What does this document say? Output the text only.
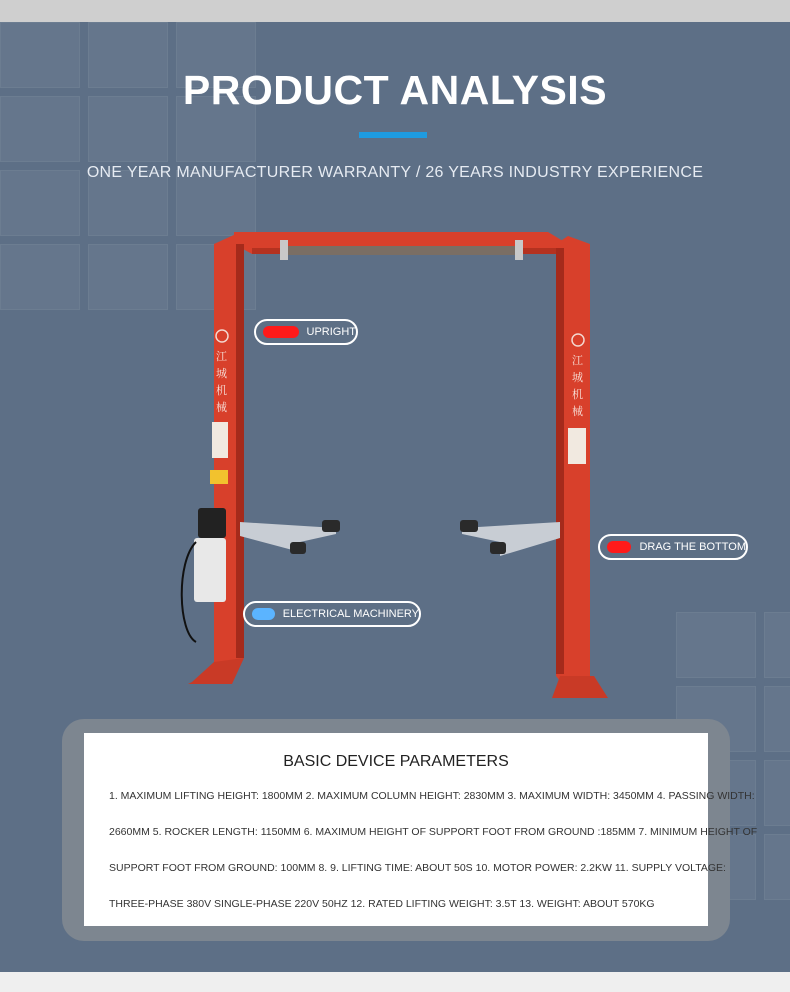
PRODUCT ANALYSIS
ONE YEAR MANUFACTURER WARRANTY / 26 YEARS INDUSTRY EXPERIENCE
江城机械
江城机械
UPRIGHT
DRAG THE BOTTOM
ELECTRICAL MACHINERY
BASIC DEVICE PARAMETERS
1. MAXIMUM LIFTING HEIGHT: 1800MM 2. MAXIMUM COLUMN HEIGHT: 2830MM 3. MAXIMUM WIDTH: 3450MM 4. PASSING WIDTH:
2660MM 5. ROCKER LENGTH: 1150MM 6. MAXIMUM HEIGHT OF SUPPORT FOOT FROM GROUND :185MM 7. MINIMUM HEIGHT OF
SUPPORT FOOT FROM GROUND: 100MM 8. 9. LIFTING TIME: ABOUT 50S 10. MOTOR POWER: 2.2KW 11. SUPPLY VOLTAGE:
THREE-PHASE 380V SINGLE-PHASE 220V 50HZ 12. RATED LIFTING WEIGHT: 3.5T 13. WEIGHT: ABOUT 570KG
